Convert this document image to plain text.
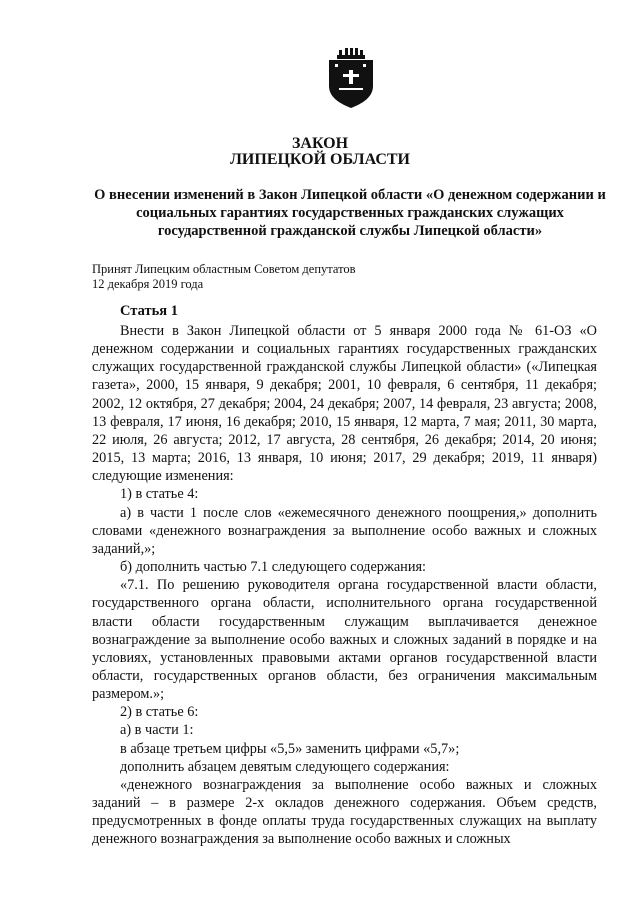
ЗАКОН
ЛИПЕЦКОЙ ОБЛАСТИ
О внесении изменений в Закон Липецкой области «О денежном содержании и социальных гарантиях государственных гражданских служащих государственной гражданской службы Липецкой области»
Принят Липецким областным Советом депутатов
12 декабря 2019 года
Статья 1

Внести в Закон Липецкой области от 5 января 2000 года № 61-ОЗ «О денежном содержании и социальных гарантиях государственных гражданских служащих государственной гражданской службы Липецкой области» («Липецкая газета», 2000, 15 января, 9 декабря; 2001, 10 февраля, 6 сентября, 11 декабря; 2002, 12 октября, 27 декабря; 2004, 24 декабря; 2007, 14 февраля, 23 августа; 2008, 13 февраля, 17 июня, 16 декабря; 2010, 15 января, 12 марта, 7 мая; 2011, 30 марта, 22 июля, 26 августа; 2012, 17 августа, 28 сентября, 26 декабря; 2014, 20 июня; 2015, 13 марта; 2016, 13 января, 10 июня; 2017, 29 декабря; 2019, 11 января) следующие изменения:

1) в статье 4:

а) в части 1 после слов «ежемесячного денежного поощрения,» дополнить словами «денежного вознаграждения за выполнение особо важных и сложных заданий,»;

б) дополнить частью 7.1 следующего содержания:

«7.1. По решению руководителя органа государственной власти области, государственного органа области, исполнительного органа государственной власти области государственным служащим выплачивается денежное вознаграждение за выполнение особо важных и сложных заданий в порядке и на условиях, установленных правовыми актами органов государственной власти области, государственных органов области, без ограничения максимальным размером.»;

2) в статье 6:

а) в части 1:

в абзаце третьем цифры «5,5» заменить цифрами «5,7»;

дополнить абзацем девятым следующего содержания:

«денежного вознаграждения за выполнение особо важных и сложных заданий – в размере 2-х окладов денежного содержания. Объем средств, предусмотренных в фонде оплаты труда государственных служащих на выплату денежного вознаграждения за выполнение особо важных и сложных
